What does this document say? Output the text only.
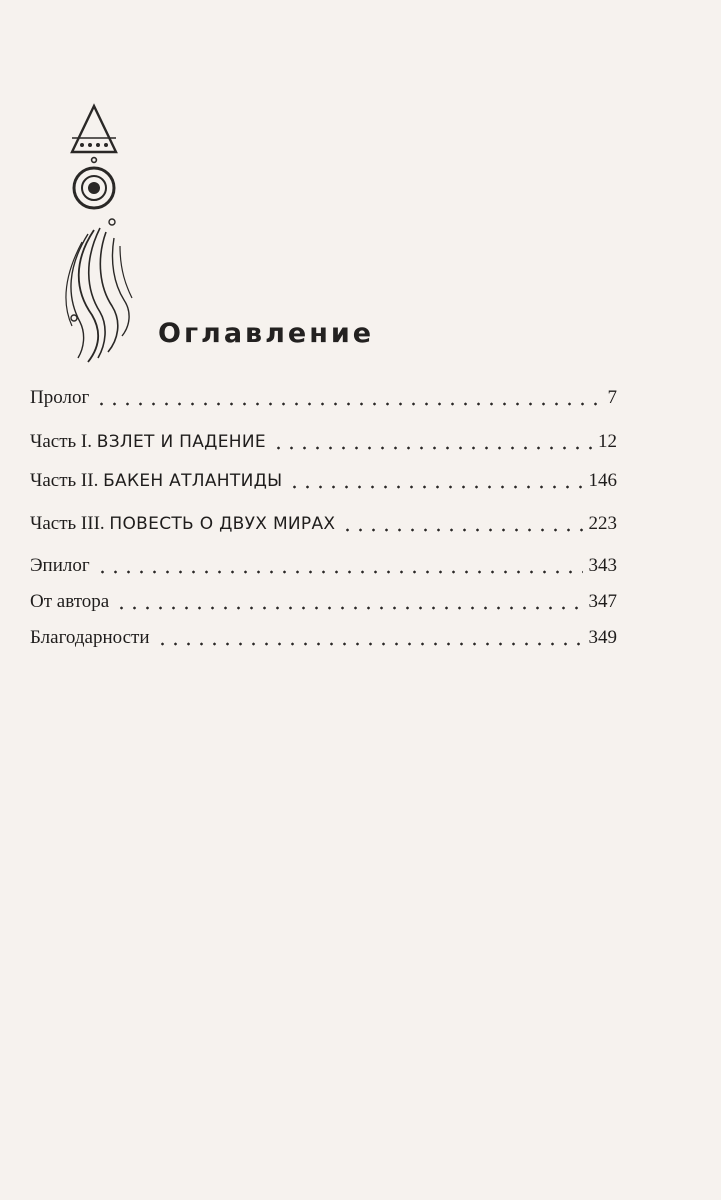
Оглавление
Пролог	7
Часть I. ВЗЛЕТ И ПАДЕНИЕ	12
Часть II. БАКЕН АТЛАНТИДЫ	146
Часть III. ПОВЕСТЬ О ДВУХ МИРАХ	223
Эпилог	343
От автора	347
Благодарности	349
